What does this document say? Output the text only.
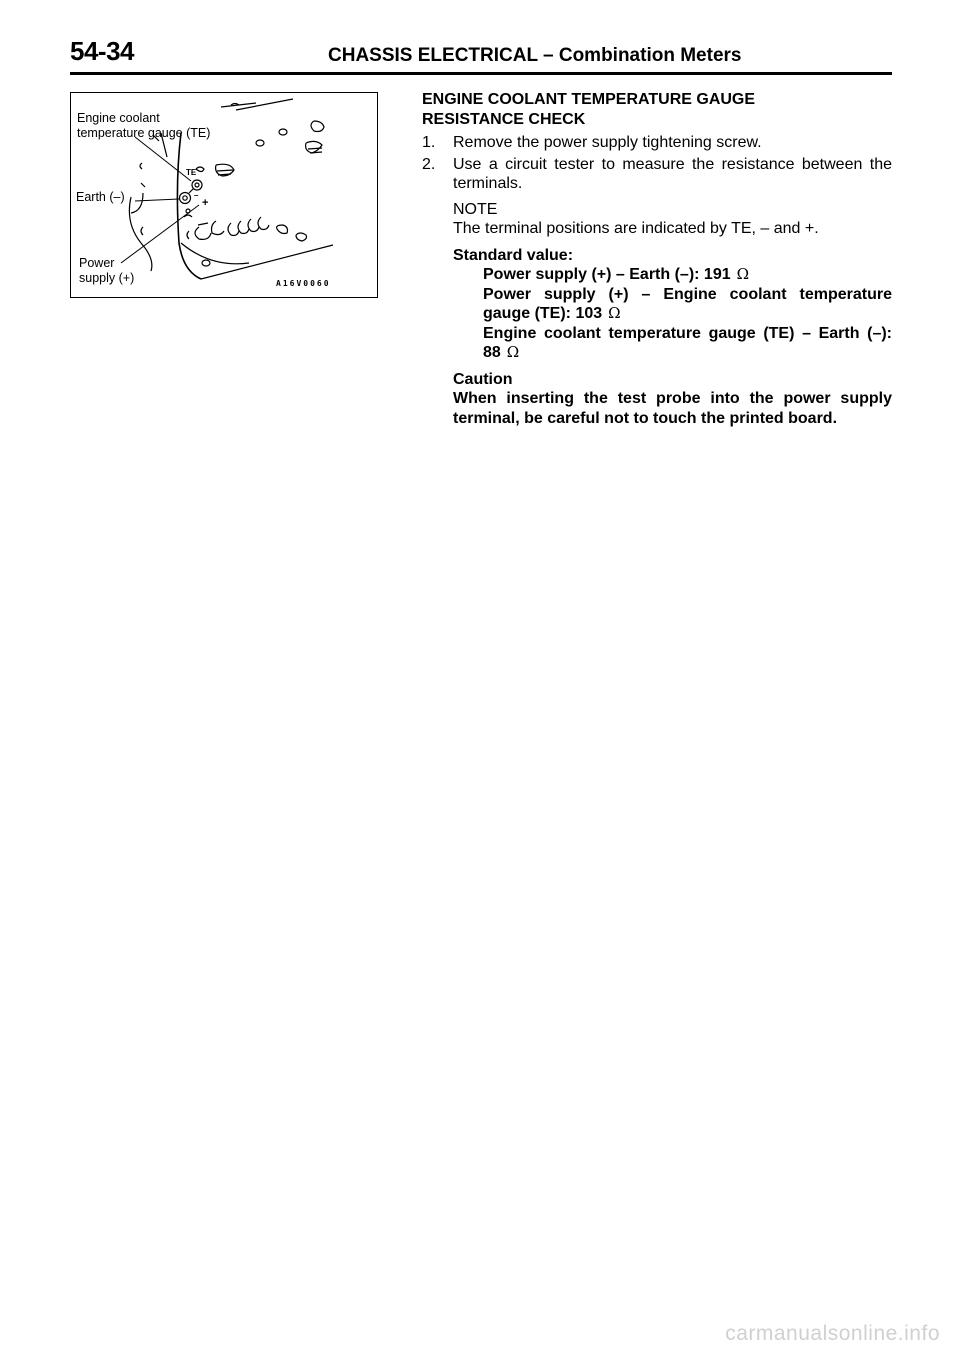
54-34	CHASSIS ELECTRICAL – Combination Meters
TE
–
+
Engine coolant
temperature gauge (TE)
Earth (–)
Power
supply (+)	A16V0060
ENGINE COOLANT TEMPERATURE GAUGE
RESISTANCE CHECK
1. Remove the power supply tightening screw.
2. Use a circuit tester to measure the resistance between the terminals.
NOTE
The terminal positions are indicated by TE, – and +.
Standard value:
Power supply (+) – Earth (–): 191 Ω
Power supply (+) – Engine coolant temperature gauge (TE): 103 Ω
Engine coolant temperature gauge (TE) – Earth (–): 88 Ω
Caution
When inserting the test probe into the power supply
terminal, be careful not to touch the printed board.
carmanualsonline.info
